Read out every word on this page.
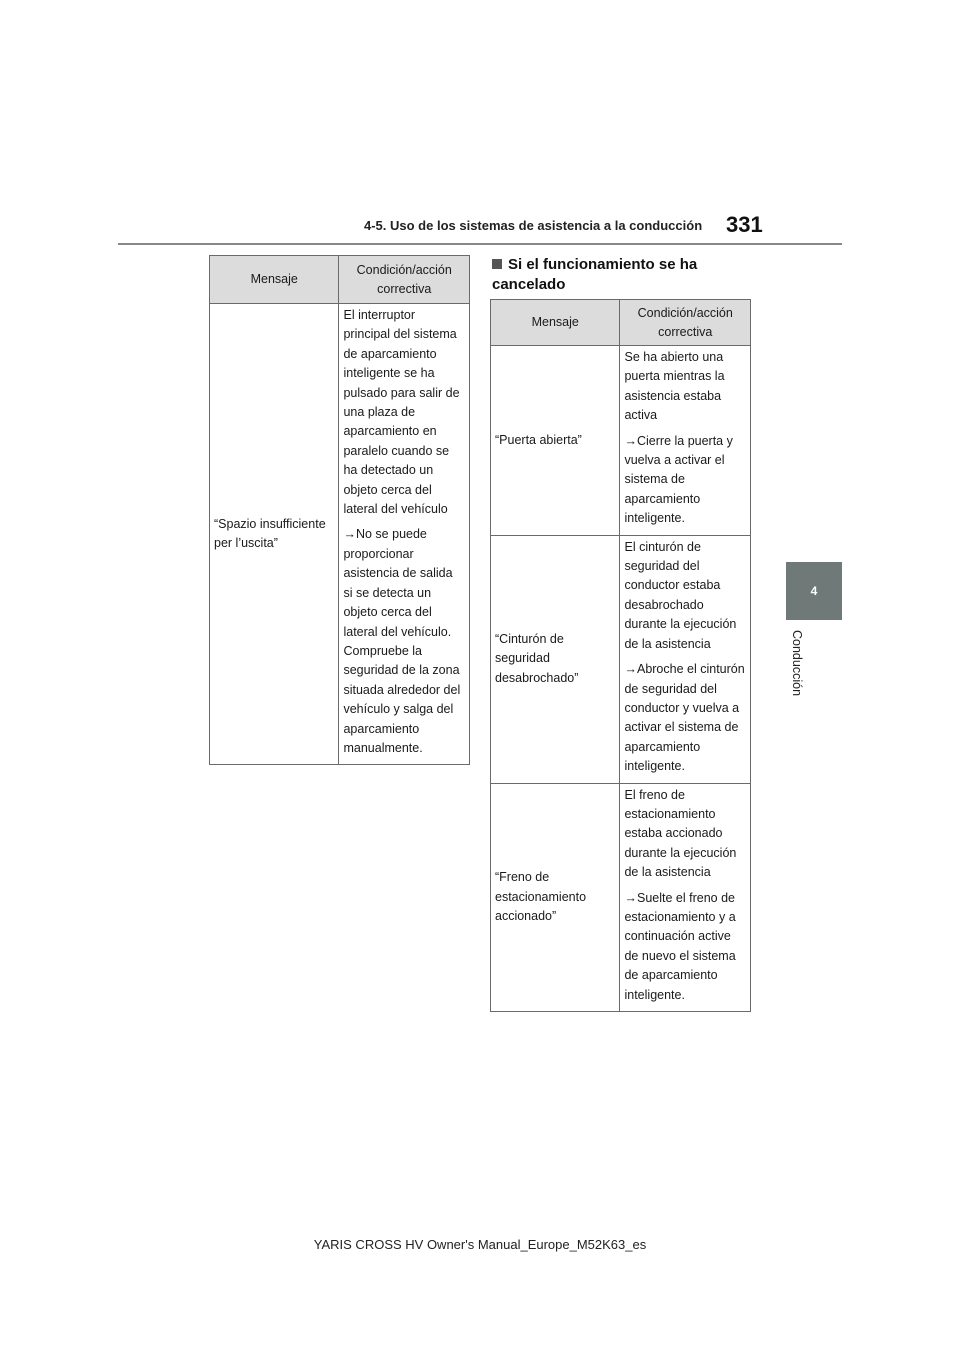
4-5. Uso de los sistemas de asistencia a la conducción 331
4
Conducción
Mensaje	Condición/acción correctiva
“Spazio insufficiente per l’uscita”	El interruptor principal del sistema de aparcamiento inteligente se ha pulsado para salir de una plaza de aparcamiento en paralelo cuando se ha detectado un objeto cerca del lateral del vehículo

→No se puede proporcionar asistencia de salida si se detecta un objeto cerca del lateral del vehículo. Compruebe la seguridad de la zona situada alrededor del vehículo y salga del aparcamiento manualmente.

Si el funcionamiento se ha cancelado
Mensaje	Condición/acción correctiva
“Puerta abierta”	Se ha abierto una puerta mientras la asistencia estaba activa

→Cierre la puerta y vuelva a activar el sistema de aparcamiento inteligente.

“Cinturón de seguridad desabrochado”	El cinturón de seguridad del conductor estaba desabrochado durante la ejecución de la asistencia

→Abroche el cinturón de seguridad del conductor y vuelva a activar el sistema de aparcamiento inteligente.

“Freno de estacionamiento accionado”	El freno de estacionamiento estaba accionado durante la ejecución de la asistencia

→Suelte el freno de estacionamiento y a continuación active de nuevo el sistema de aparcamiento inteligente.

YARIS CROSS HV Owner's Manual_Europe_M52K63_es
